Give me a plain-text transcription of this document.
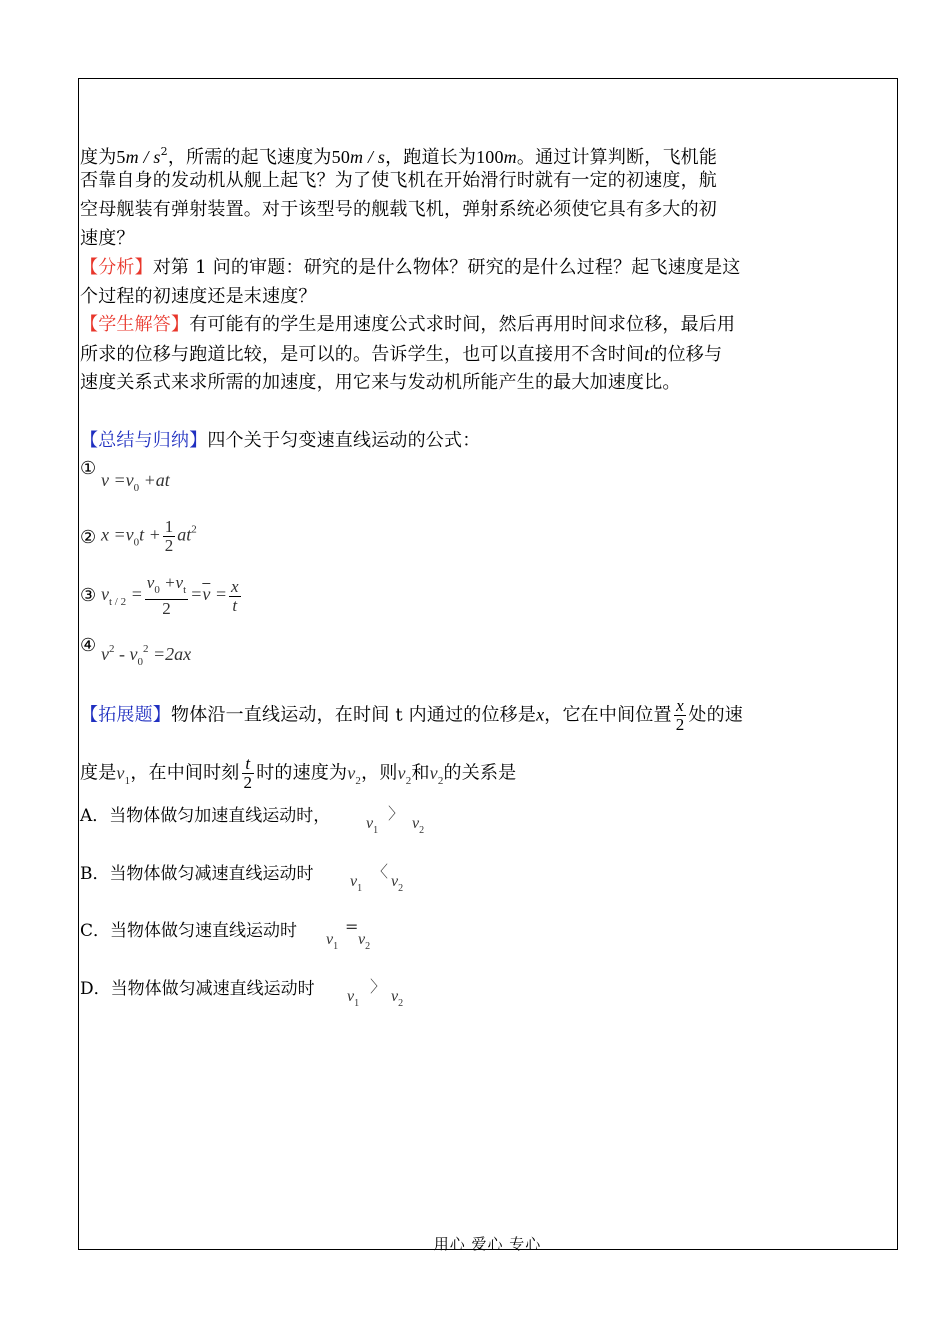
度为$5m / s^2$，所需的起飞速度为50m / s，跑道长为100m。通过计算判断，飞机能
否靠自身的发动机从舰上起飞？为了使飞机在开始滑行时就有一定的初速度，航
空母舰装有弹射装置。对于该型号的舰载飞机，弹射系统必须使它具有多大的初
速度？
【分析】对第 1 问的审题：研究的是什么物体？研究的是什么过程？起飞速度是这
个过程的初速度还是末速度？
【学生解答】有可能有的学生是用速度公式求时间，然后再用时间求位移，最后用
所求的位移与跑道比较，是可以的。告诉学生，也可以直接用不含时间t的位移与
速度关系式来求所需的加速度，用它来与发动机所能产生的最大加速度比。
【总结与归纳】四个关于匀变速直线运动的公式：
①
$v =v_0 +at$
② $x =v_0t + \frac{1}{2} at^2$
③ $v_{t / 2} = \frac{v_0 +v_t}{2} =\overline{v} = \frac{x}{t}$
④ $v^2 - v_0^2 =2ax$
【拓展题】物体沿一直线运动，在时间 t 内通过的位移是x，它在中间位置 $\frac{x}{2}$ 处的速
度是$v_1$，在中间时刻 $\frac{t}{2}$ 时的速度为$v_2$，则$v_2$和$v_2$的关系是
A．当物体做匀加速直线运动时， $v_1$
〉
$v_2$
B．当物体做匀减速直线运动时 $v_1$
〈
$v_2$
C．当物体做匀速直线运动时 $v_1$
=
$v_2$
D．当物体做匀减速直线运动时 $v_1$
〉
$v_2$
用心 爱心 专心
